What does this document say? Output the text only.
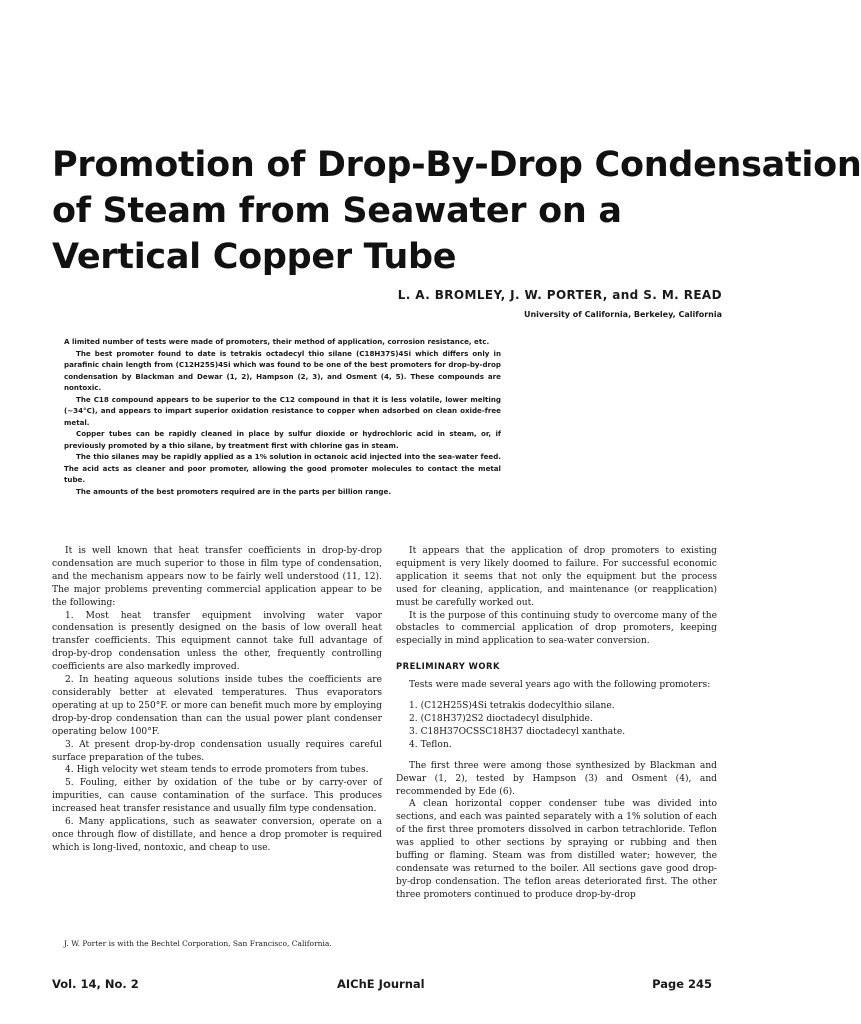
Promotion of Drop-By-Drop Condensation
of Steam from Seawater on a
Vertical Copper Tube
L. A. BROMLEY, J. W. PORTER, and S. M. READ
University of California, Berkeley, California

A limited number of tests were made of promoters, their method of application, corrosion resistance, etc.

The best promoter found to date is tetrakis octadecyl thio silane (C18H37S)4Si which differs only in parafinic chain length from (C12H25S)4Si which was found to be one of the best promoters for drop-by-drop condensation by Blackman and Dewar (1, 2), Hampson (2, 3), and Osment (4, 5). These compounds are nontoxic.

The C18 compound appears to be superior to the C12 compound in that it is less volatile, lower melting (~34°C), and appears to impart superior oxidation resistance to copper when adsorbed on clean oxide-free metal.

Copper tubes can be rapidly cleaned in place by sulfur dioxide or hydrochloric acid in steam, or, if previously promoted by a thio silane, by treatment first with chlorine gas in steam.

The thio silanes may be rapidly applied as a 1% solution in octanoic acid injected into the sea-water feed. The acid acts as cleaner and poor promoter, allowing the good promoter molecules to contact the metal tube.

The amounts of the best promoters required are in the parts per billion range.

It is well known that heat transfer coefficients in drop-by-drop condensation are much superior to those in film type of condensation, and the mechanism appears now to be fairly well understood (11, 12). The major problems preventing commercial application appear to be the following:

1. Most heat transfer equipment involving water vapor condensation is presently designed on the basis of low overall heat transfer coefficients. This equipment cannot take full advantage of drop-by-drop condensation unless the other, frequently controlling coefficients are also markedly improved.

2. In heating aqueous solutions inside tubes the coefficients are considerably better at elevated temperatures. Thus evaporators operating at up to 250°F. or more can benefit much more by employing drop-by-drop condensation than can the usual power plant condenser operating below 100°F.

3. At present drop-by-drop condensation usually requires careful surface preparation of the tubes.

4. High velocity wet steam tends to errode promoters from tubes.

5. Fouling, either by oxidation of the tube or by carry-over of impurities, can cause contamination of the surface. This produces increased heat transfer resistance and usually film type condensation.

6. Many applications, such as seawater conversion, operate on a once through flow of distillate, and hence a drop promoter is required which is long-lived, nontoxic, and cheap to use.

J. W. Porter is with the Bechtel Corporation, San Francisco, California.

It appears that the application of drop promoters to existing equipment is very likely doomed to failure. For successful economic application it seems that not only the equipment but the process used for cleaning, application, and maintenance (or reapplication) must be carefully worked out.

It is the purpose of this continuing study to overcome many of the obstacles to commercial application of drop promoters, keeping especially in mind application to sea-water conversion.

PRELIMINARY WORK

Tests were made several years ago with the following promoters:

1. (C12H25S)4Si tetrakis dodecylthio silane.
2. (C18H37)2S2 dioctadecyl disulphide.
3. C18H37OCSSC18H37 dioctadecyl xanthate.
4. Teflon.

The first three were among those synthesized by Blackman and Dewar (1, 2), tested by Hampson (3) and Osment (4), and recommended by Ede (6).

A clean horizontal copper condenser tube was divided into sections, and each was painted separately with a 1% solution of each of the first three promoters dissolved in carbon tetrachloride. Teflon was applied to other sections by spraying or rubbing and then buffing or flaming. Steam was from distilled water; however, the condensate was returned to the boiler. All sections gave good drop-by-drop condensation. The teflon areas deteriorated first. The other three promoters continued to produce drop-by-drop

Vol. 14, No. 2	AIChE Journal	Page 245
